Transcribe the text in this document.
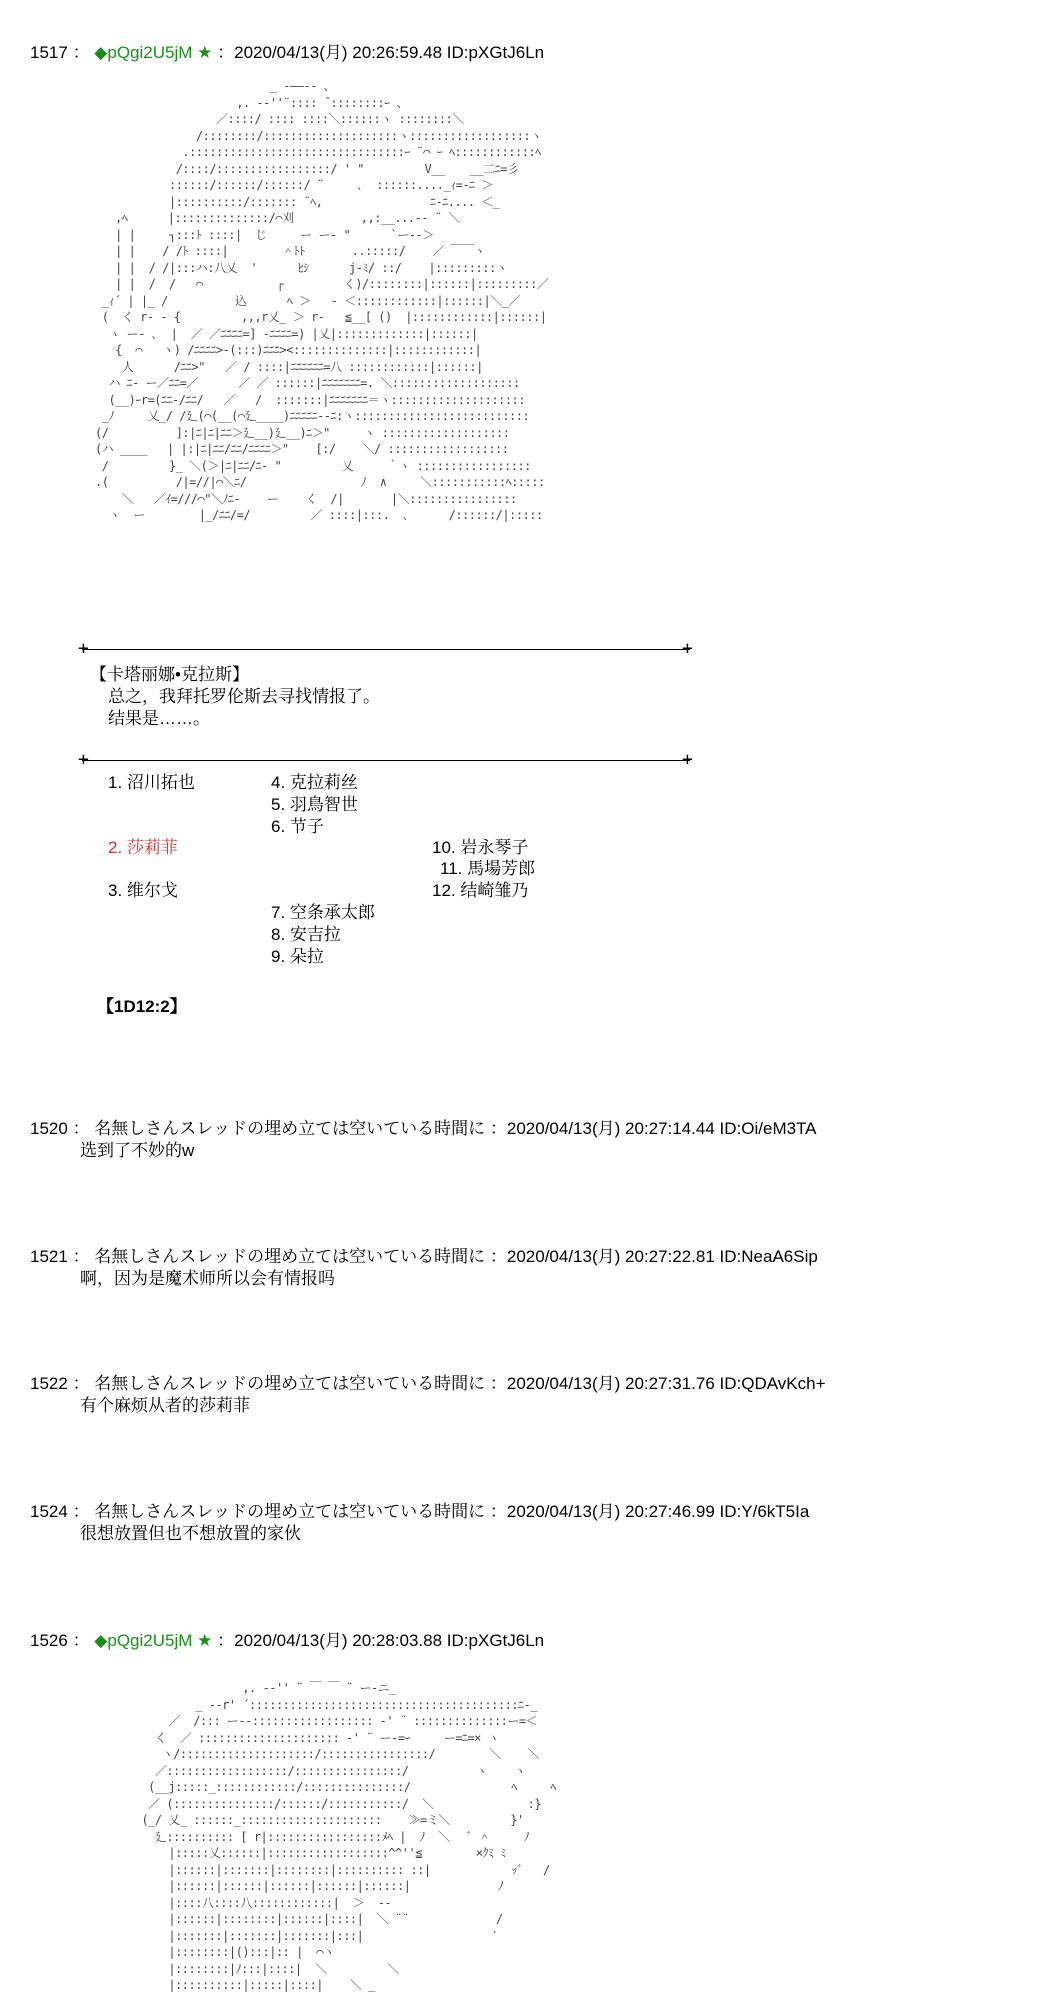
1517 ： ◆pQgi2U5jM ★ ：2020/04/13(月) 20:26:59.48 ID:pXGtJ6Ln
_ -――‐- 、
,. -‐''¨:::: ̄ ::::::::ｰ 、
／::::/ :::: ::::＼::::::ヽ ::::::::＼
/::::::::/::::::::::::::::::::ヽ::::::::::::::::::ヽ
.::::::::::::::::::::::::::::::::ｰ ¨⌒ ｰ ﾍ::::::::::::ﾍ
/::::/:::::::::::::::::/ ' "         V__ 　 __二ﾆ=彡
::::::/::::::/::::::/ ¨     ､  ::::::...._ｨ=‐ﾆ ＞
|::::::::::/::::::: ¨ﾍ,                ﾆ-ﾆ.... ＜_
,ﾍ      |::::::::::::::/⌒刈          ,,:__...-‐ ¨ ＼
| |     ┐:::ﾄ ::::|  じ     ー ー‐ "      `ー-‐＞
| |    / /ﾄ ::::|        ＾ﾄﾄ       ..:::::/    ／ ￣￣ヽ
| |  / /|:::ハ:八乂  '      ﾋｼ      j-ﾐ/ ::/    |:::::::::ヽ
| |  /  /   ⌒           ┌         く)/::::::::|::::::|:::::::::／
_ｨ´ | |_ /          込      ﾍ ＞   ‐ ＜::::::::::::|::::::|＼_／
(  く r‐ - {         ,,,r乂_ ＞ r‐   ≦__[ ()  |::::::::::::|::::::|
ヽ ー- ､  |  ／ ／ﾆﾆﾆﾆ=] -ﾆﾆﾆﾆ=) |乂|:::::::::::::|::::::|
{  ⌒   ヽ) /ﾆﾆﾆﾆ>-(:::)ﾆﾆﾆ><::::::::::::::|::::::::::::|
人      /ﾆﾆ>"   ／ / ::::|ﾆﾆﾆﾆﾆﾆ=八 ::::::::::::|::::::|
ハ ﾆ- ー／ﾆﾆ=／      ／ ／ ::::::|ﾆﾆﾆﾆﾆﾆﾆ=. ＼:::::::::::::::::::
(__)ｰr=(ﾆﾆ-/ﾆﾆ/   ／   /  :::::::|ﾆﾆﾆﾆﾆﾆﾆ＝ヽ::::::::::::::::::::
_ﾉ     乂_/ /廴(⌒(__(⌒廴____)ﾆﾆﾆﾆﾆ-‐ﾆ:ヽ::::::::::::::::::::::::::
(/          ]:|ﾆ|ﾆ|ﾆﾆ＞廴__)廴__)ﾆ＞"     ヽ :::::::::::::::::::
(ハ ____   | |:|ﾆ|ﾆﾆ/ﾆﾆ/ﾆﾆﾆﾆ＞"    [:/    ＼/ ::::::::::::::::::
/         }_ ＼(＞|ﾆ|ﾆﾆ/ﾆ‐ "         乂     ｀ヽ :::::::::::::::::
.(          /|=//|⌒＼ﾆ/                 ﾉ  ∧     ＼:::::::::::ﾍ:::::
＼   ／ｲ=///⌒"＼ﾉﾆ-    ー    く  /|       |＼::::::::::::::::
ヽ  ー        |_/ﾆﾆ/=/         ／ ::::|:::.  ､      /::::::/|:::::
+	+
【卡塔丽娜•克拉斯】
总之，我拜托罗伦斯去寻找情报了。
结果是……。
+	+
1. 沼川拓也
2. 莎莉菲
3. 维尔戈
4. 克拉莉丝
5. 羽鳥智世
6. 节子
7. 空条承太郎
8. 安吉拉
9. 朵拉
10. 岩永琴子
11. 馬場芳郎
12. 结崎雏乃
【1D12:2】
1520 ： 名無しさんスレッドの埋め立ては空いている時間に ：2020/04/13(月) 20:27:14.44 ID:Oi/eM3TA
选到了不妙的w
1521 ： 名無しさんスレッドの埋め立ては空いている時間に ：2020/04/13(月) 20:27:22.81 ID:NeaA6Sip
啊，因为是魔术师所以会有情报吗
1522 ： 名無しさんスレッドの埋め立ては空いている時間に ：2020/04/13(月) 20:27:31.76 ID:QDAvKch+
有个麻烦从者的莎莉菲
1524 ： 名無しさんスレッドの埋め立ては空いている時間に ：2020/04/13(月) 20:27:46.99 ID:Y/6kT5Ia
很想放置但也不想放置的家伙
1526 ： ◆pQgi2U5jM ★ ：2020/04/13(月) 20:28:03.88 ID:pXGtJ6Ln
,. -‐'' ¨ ￣ ￣ ¨ ー-ニ_
_ -‐r' ´::::::::::::::::::::::::::::::::::::::::ﾆ-_
／  /::: ー--:::::::::::::::::: ‐' ¨ ::::::::::::::ー=＜
く  ／ ::::::::::::::::::::: ‐' ¨ ー-=ｰ     ー=ﾆ=× ヽ
ヽ/::::::::::::::::::::/::::::::::::::::/        ＼    ＼
／::::::::::::::::::/::::::::::::::::/          ヽ    ヽ
(__j:::::_::::::::::::/:::::::::::::::/               ﾍ     ﾍ
／ (:::::::::::::::/::::::/:::::::::::/  ＼              :}
(_/ 乂_ ::::::_:::::::::::::::::::::    ≫=ミ＼         }'
廴:::::::::: [ r|:::::::::::::::::ﾒﾍ |  ﾉ  ＼   ﾞ ＾     ﾉ
|:::::乂::::::|::::::::::::::::::^^''≦        ×ｸﾐ ﾐ
|::::::|:::::::|::::::::|:::::::::: ::|            ｯﾞ   /
|::::::|::::::|::::::|::::::|::::::|             ﾉ
|::::八::::八::::::::::::|  ＞  ‐‐
|::::::|::::::::|::::::|::::|  ＼ ¨¨             /
|:::::::|:::::::|:::::::|:::|                   ′
|::::::::|():::|:: |  ⌒ヽ
|::::::::|ﾉ:::|::::|  ＼         ＼
|::::::::::|:::::|::::|    ＼ _
